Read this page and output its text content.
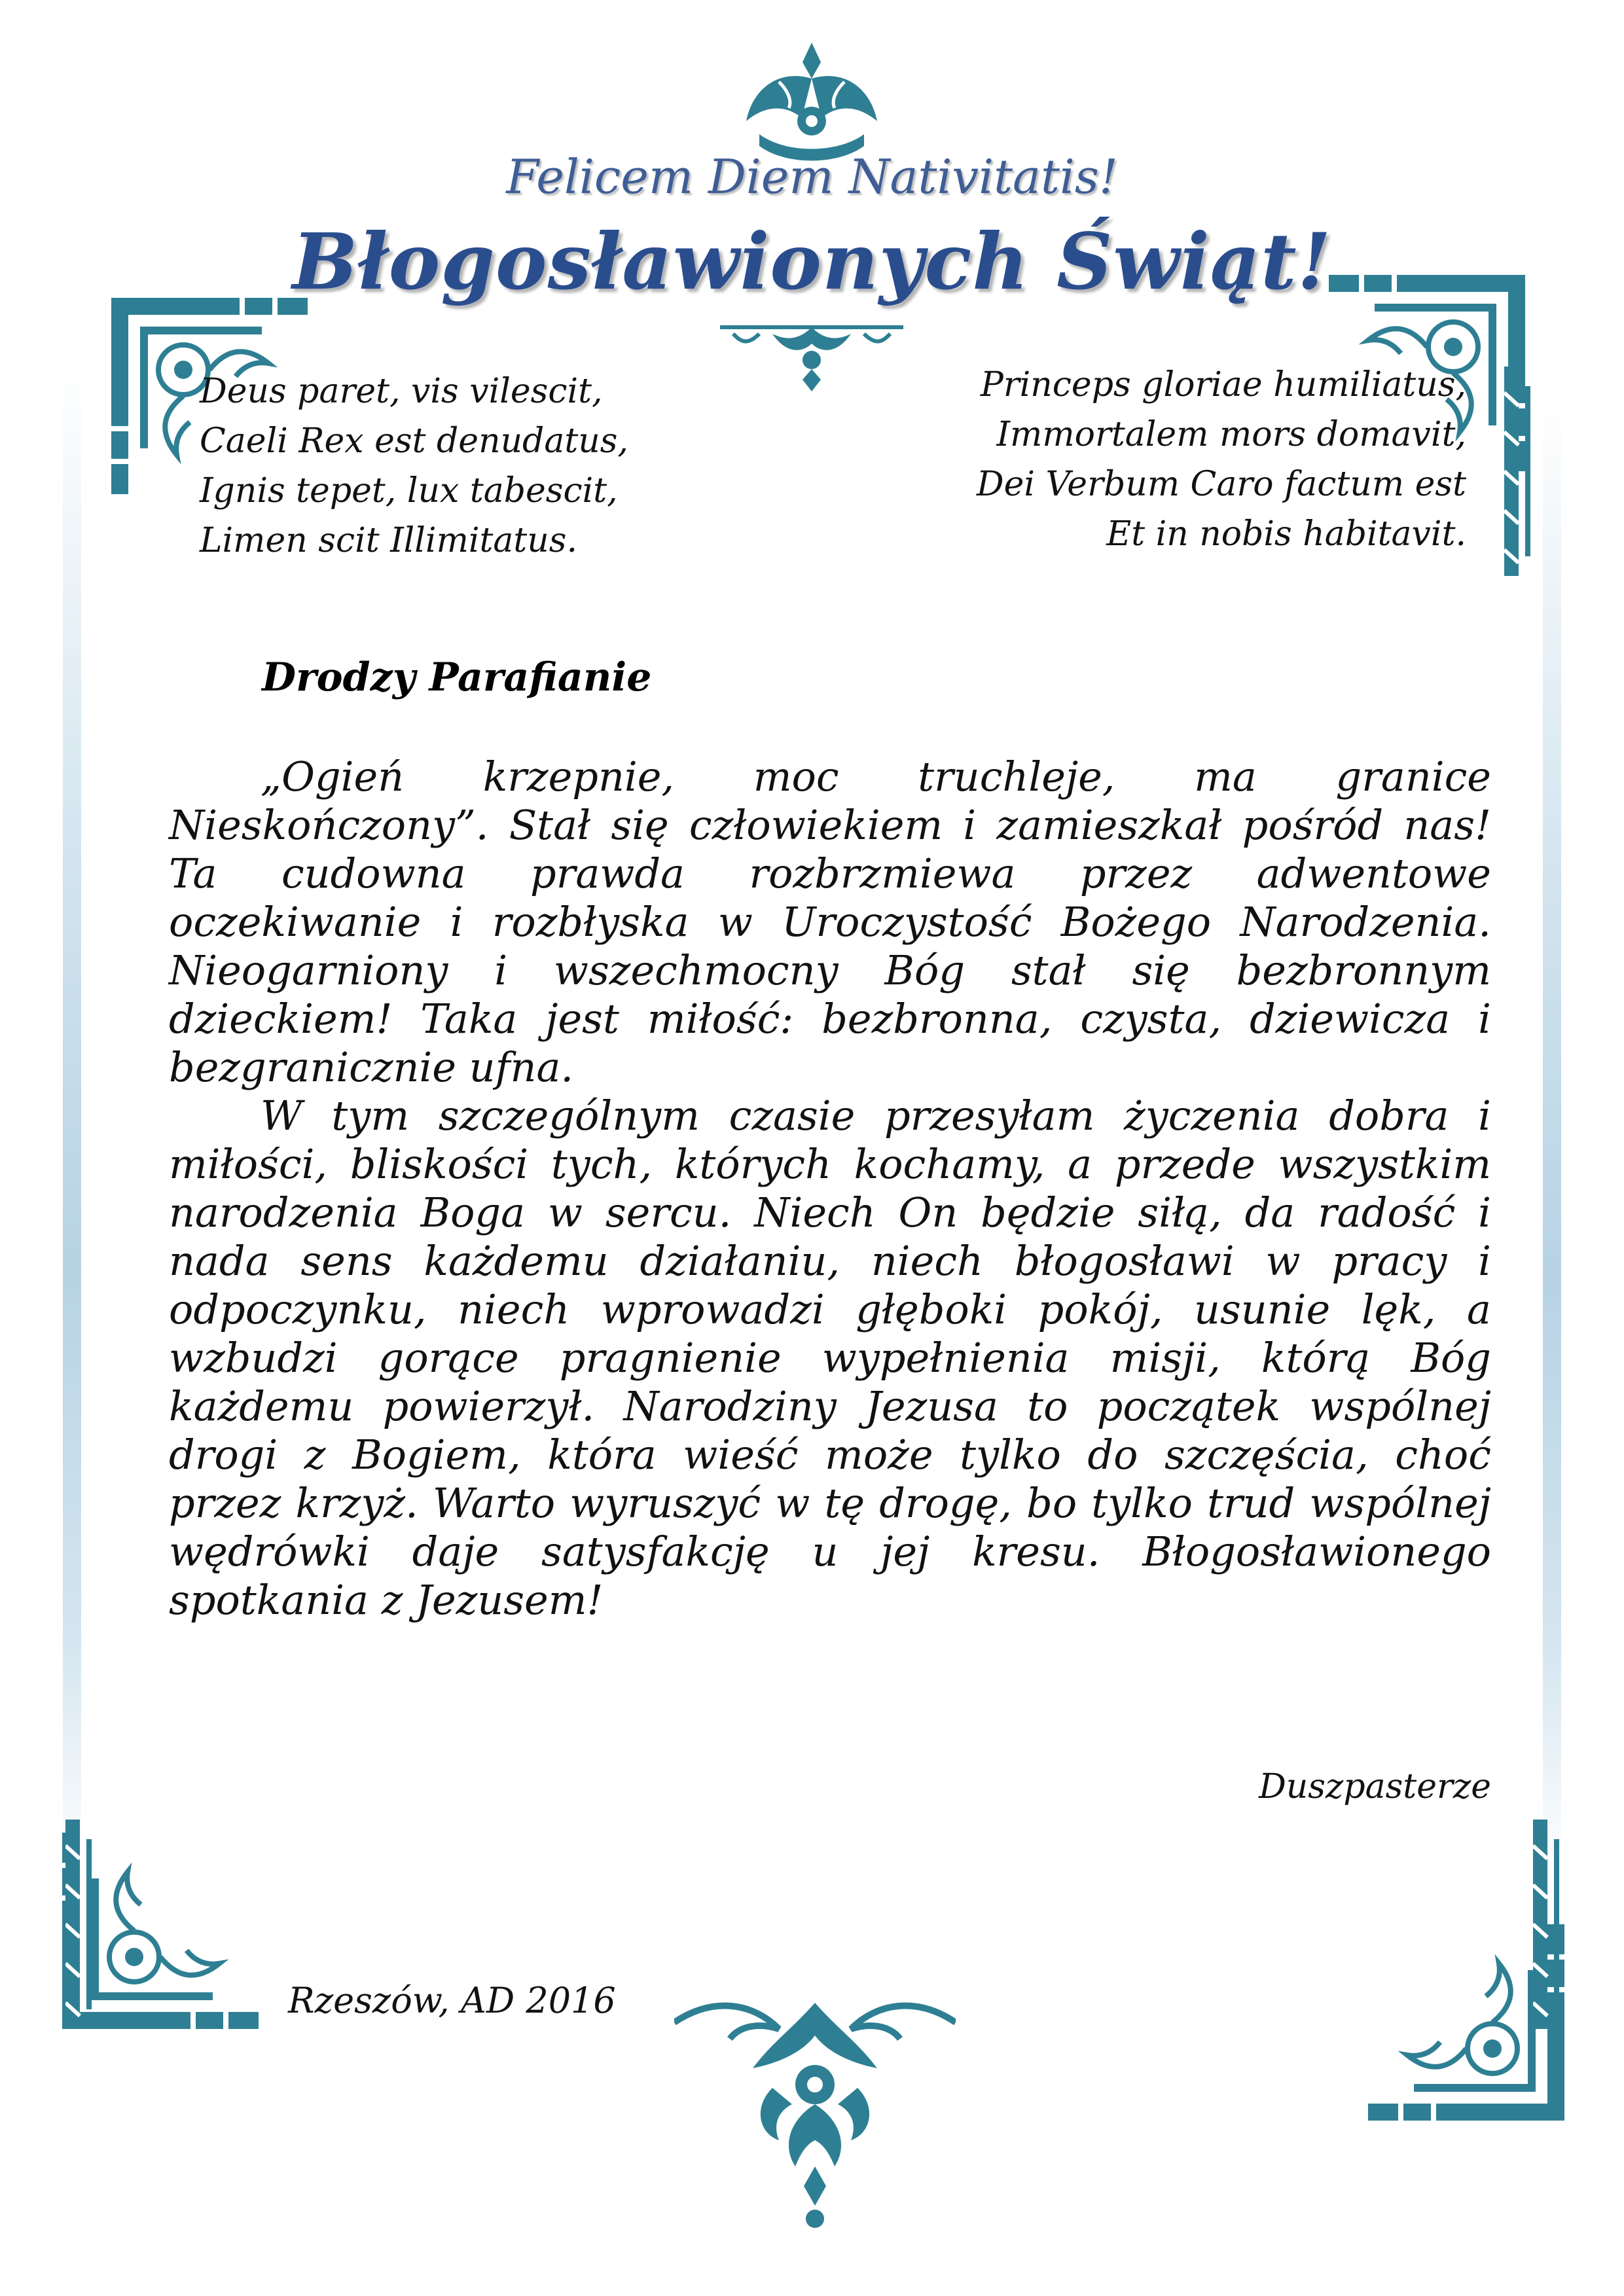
Felicem Diem Nativitatis!
Błogosławionych Świąt!
Deus paret, vis vilescit,
Caeli Rex est denudatus,
Ignis tepet, lux tabescit,
Limen scit Illimitatus.
Princeps gloriae humiliatus,
Immortalem mors domavit,
Dei Verbum Caro factum est
Et in nobis habitavit.
Drodzy Parafianie

„Ogień krzepnie, moc truchleje, ma granice Nieskończony”. Stał się człowiekiem i zamieszkał pośród nas! Ta cudowna prawda rozbrzmiewa przez adwentowe oczekiwanie i rozbłyska w Uroczystość Bożego Narodzenia. Nieogarniony i wszechmocny Bóg stał się bezbronnym dzieckiem! Taka jest miłość: bezbronna, czysta, dziewicza i bezgranicznie ufna.

W tym szczególnym czasie przesyłam życzenia dobra i miłości, bliskości tych, których kochamy, a przede wszystkim narodzenia Boga w sercu. Niech On będzie siłą, da radość i nada sens każdemu działaniu, niech błogosławi w pracy i odpoczynku, niech wprowadzi głęboki pokój, usunie lęk, a wzbudzi gorące pragnienie wypełnienia misji, którą Bóg każdemu powierzył. Narodziny Jezusa to początek wspólnej drogi z Bogiem, która wieść może tylko do szczęścia, choć przez krzyż. Warto wyruszyć w tę drogę, bo tylko trud wspólnej wędrówki daje satysfakcję u jej kresu. Błogosławionego spotkania z Jezusem!

Duszpasterze
Rzeszów, AD 2016
